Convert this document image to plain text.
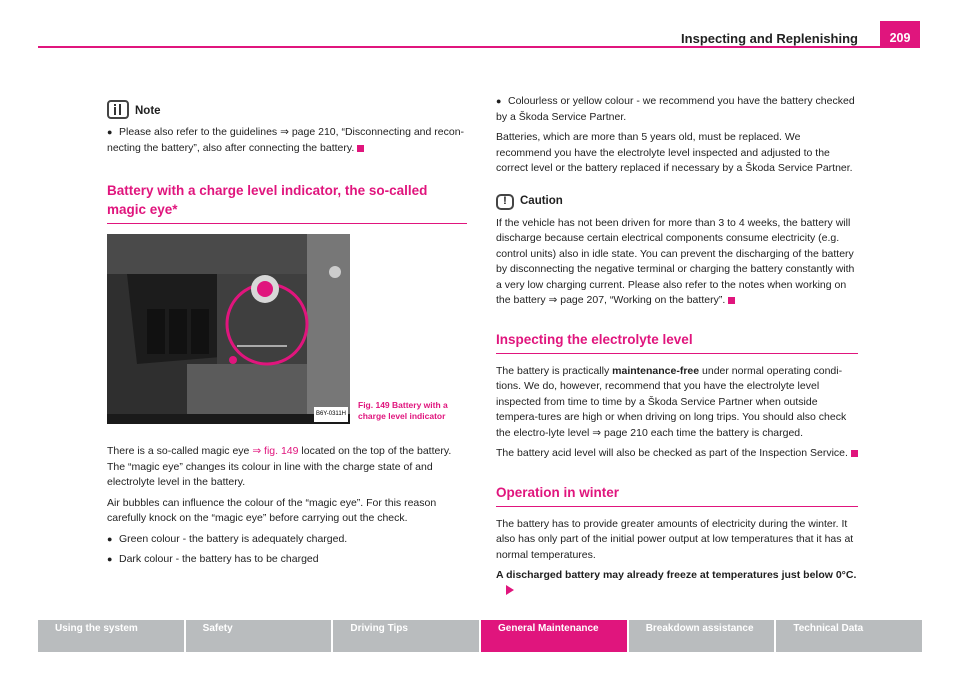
Inspecting and Replenishing	209
Note

● Please also refer to the guidelines ⇒ page 210, “Disconnecting and recon-necting the battery”, also after connecting the battery.

Battery with a charge level indicator, the so-called magic eye*
B6Y-0311H
Fig. 149 Battery with a charge level indicator

There is a so-called magic eye ⇒ fig. 149 located on the top of the battery. The “magic eye” changes its colour in line with the charge state of and electrolyte level in the battery.

Air bubbles can influence the colour of the “magic eye”. For this reason carefully knock on the “magic eye” before carrying out the check.

● Green colour - the battery is adequately charged.

● Dark colour - the battery has to be charged

● Colourless or yellow colour - we recommend you have the battery checked by a Škoda Service Partner.

Batteries, which are more than 5 years old, must be replaced. We recommend you have the electrolyte level inspected and adjusted to the correct level or the battery replaced if necessary by a Škoda Service Partner.

!	Caution

If the vehicle has not been driven for more than 3 to 4 weeks, the battery will discharge because certain electrical components consume electricity (e.g. control units) also in idle state. You can prevent the discharging of the battery by disconnecting the negative terminal or charging the battery constantly with a very low charging current. Please also refer to the notes when working on the battery ⇒ page 207, “Working on the battery”.

Inspecting the electrolyte level

The battery is practically maintenance-free under normal operating condi-tions. We do, however, recommend that you have the electrolyte level inspected from time to time by a Škoda Service Partner when outside tempera-tures are high or when driving on long trips. You should also check the electro-lyte level ⇒ page 210 each time the battery is charged.

The battery acid level will also be checked as part of the Inspection Service.

Operation in winter

The battery has to provide greater amounts of electricity during the winter. It also has only part of the initial power output at low temperatures that it has at normal temperatures.

A discharged battery may already freeze at temperatures just below 0°C.

Using the system	Safety	Driving Tips	General Maintenance	Breakdown assistance	Technical Data
